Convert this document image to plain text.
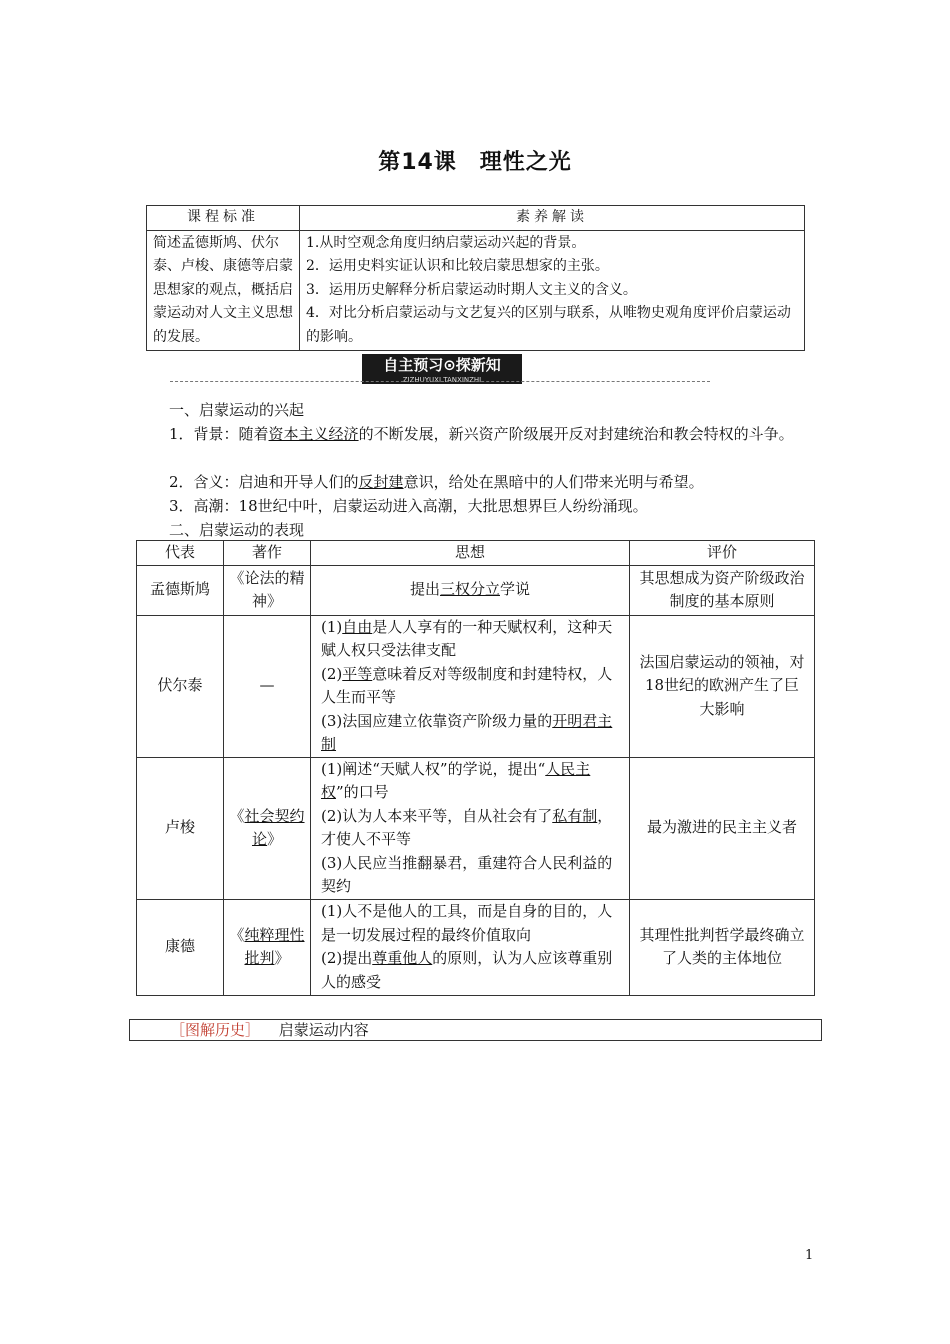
第14课　理性之光
课程标准	素养解读
简述孟德斯鸠、伏尔泰、卢梭、康德等启蒙思想家的观点，概括启蒙运动对人文主义思想的发展。	1.从时空观念角度归纳启蒙运动兴起的背景。
2．运用史料实证认识和比较启蒙思想家的主张。
3．运用历史解释分析启蒙运动时期人文主义的含义。
4．对比分析启蒙运动与文艺复兴的区别与联系，从唯物史观角度评价启蒙运动的影响。
自主预习⊙探新知
ZIZHUYUXI TANXINZHI
一、启蒙运动的兴起
1．背景：随着资本主义经济的不断发展，新兴资产阶级展开反对封建统治和教会特权的斗争。
2．含义：启迪和开导人们的反封建意识，给处在黑暗中的人们带来光明与希望。
3．高潮：18世纪中叶，启蒙运动进入高潮，大批思想界巨人纷纷涌现。
二、启蒙运动的表现
代表	著作	思想	评价
孟德斯鸠	《论法的精神》	提出三权分立学说	其思想成为资产阶级政治制度的基本原则
伏尔泰	—	(1)自由是人人享有的一种天赋权利，这种天赋人权只受法律支配
(2)平等意味着反对等级制度和封建特权，人人生而平等
(3)法国应建立依靠资产阶级力量的开明君主制	法国启蒙运动的领袖，对18世纪的欧洲产生了巨大影响
卢梭	《社会契约论》	(1)阐述“天赋人权”的学说，提出“人民主权”的口号
(2)认为人本来平等，自从社会有了私有制，才使人不平等
(3)人民应当推翻暴君，重建符合人民利益的契约	最为激进的民主主义者
康德	《纯粹理性批判》	(1)人不是他人的工具，而是自身的目的，人是一切发展过程的最终价值取向
(2)提出尊重他人的原则，认为人应该尊重别人的感受	其理性批判哲学最终确立了人类的主体地位
［图解历史］ 启蒙运动内容
1
